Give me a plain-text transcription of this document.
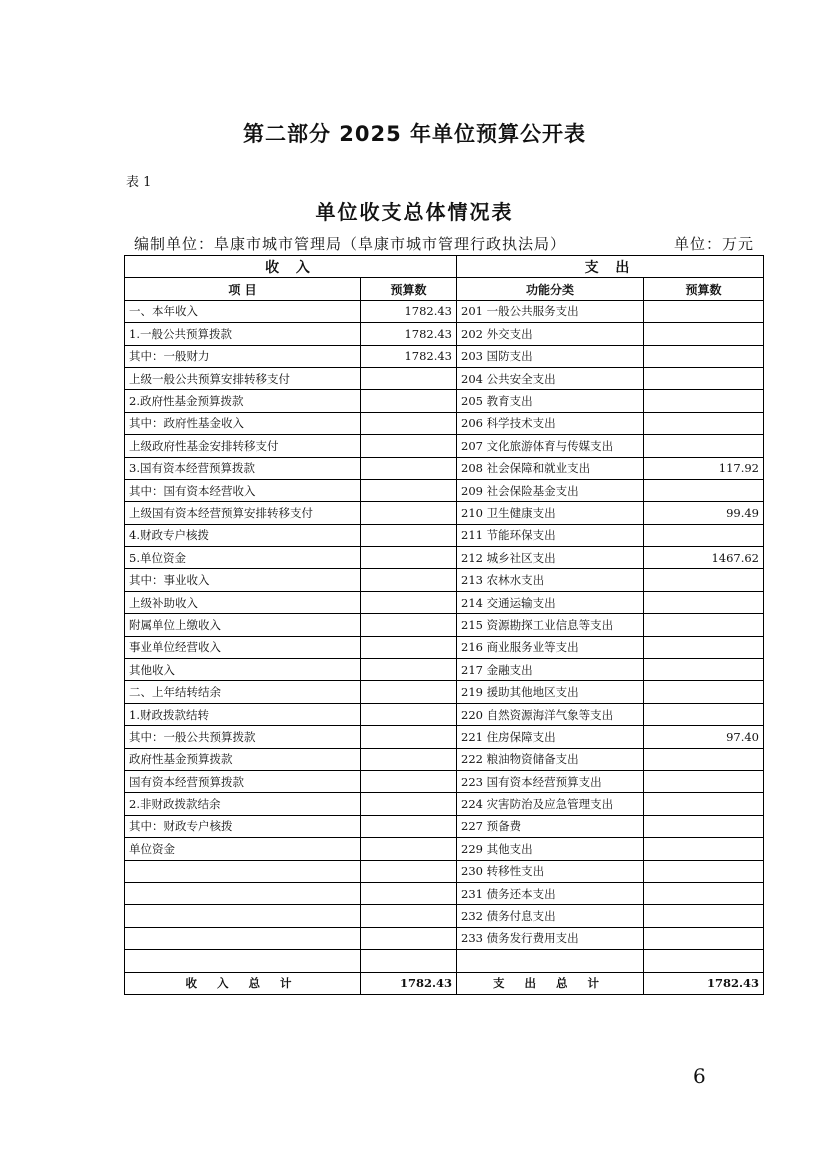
第二部分 2025 年单位预算公开表
表 1
单位收支总体情况表
编制单位：阜康市城市管理局（阜康市城市管理行政执法局）	单位：万元
收 入		支 出	
项 目	预算数	功能分类	预算数
一、本年收入	1782.43	201 一般公共服务支出	
1.一般公共预算拨款	1782.43	202 外交支出	
其中：一般财力	1782.43	203 国防支出	
上级一般公共预算安排转移支付		204 公共安全支出	
2.政府性基金预算拨款		205 教育支出	
其中：政府性基金收入		206 科学技术支出	
上级政府性基金安排转移支付		207 文化旅游体育与传媒支出	
3.国有资本经营预算拨款		208 社会保障和就业支出	117.92
其中：国有资本经营收入		209 社会保险基金支出	
上级国有资本经营预算安排转移支付		210 卫生健康支出	99.49
4.财政专户核拨		211 节能环保支出	
5.单位资金		212 城乡社区支出	1467.62
其中：事业收入		213 农林水支出	
上级补助收入		214 交通运输支出	
附属单位上缴收入		215 资源勘探工业信息等支出	
事业单位经营收入		216 商业服务业等支出	
其他收入		217 金融支出	
二、上年结转结余		219 援助其他地区支出	
1.财政拨款结转		220 自然资源海洋气象等支出	
其中：一般公共预算拨款		221 住房保障支出	97.40
政府性基金预算拨款		222 粮油物资储备支出	
国有资本经营预算拨款		223 国有资本经营预算支出	
2.非财政拨款结余		224 灾害防治及应急管理支出	
其中：财政专户核拨		227 预备费	
单位资金		229 其他支出	
		230 转移性支出	
		231 债务还本支出	
		232 债务付息支出	
		233 债务发行费用支出	

收 入 总 计	1782.43	支 出 总 计	1782.43
6
